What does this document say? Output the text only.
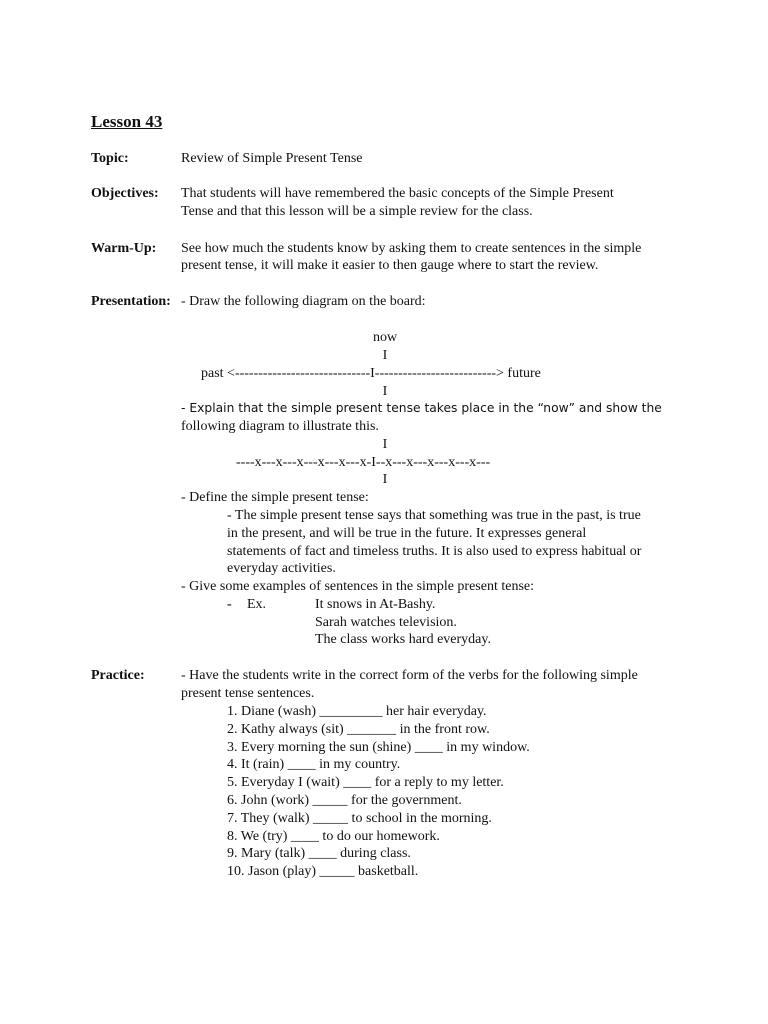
Lesson 43
Topic:	Review of Simple Present Tense
Objectives: That students will have remembered the basic concepts of the Simple Present
Tense and that this lesson will be a simple review for the class.
Warm-Up: See how much the students know by asking them to create sentences in the simple
present tense, it will make it easier to then gauge where to start the review.
Presentation: - Draw the following diagram on the board:
now
I
past <-----------------------------I--------------------------> future
I
- Explain that the simple present tense takes place in the “now” and show the
following diagram to illustrate this.
I
----x---x---x---x---x---x-I--x---x---x---x---x---
I
- Define the simple present tense:
- The simple present tense says that something was true in the past, is true
in the present, and will be true in the future. It expresses general
statements of fact and timeless truths. It is also used to express habitual or
everyday activities.
- Give some examples of sentences in the simple present tense:
- Ex.	It snows in At-Bashy.
Sarah watches television.
The class works hard everyday.
Practice:	- Have the students write in the correct form of the verbs for the following simple
present tense sentences.
1. Diane (wash) _________ her hair everyday.
2. Kathy always (sit) _______ in the front row.
3. Every morning the sun (shine) ____ in my window.
4. It (rain) ____ in my country.
5. Everyday I (wait) ____ for a reply to my letter.
6. John (work) _____ for the government.
7. They (walk) _____ to school in the morning.
8. We (try) ____ to do our homework.
9. Mary (talk) ____ during class.
10. Jason (play) _____ basketball.
